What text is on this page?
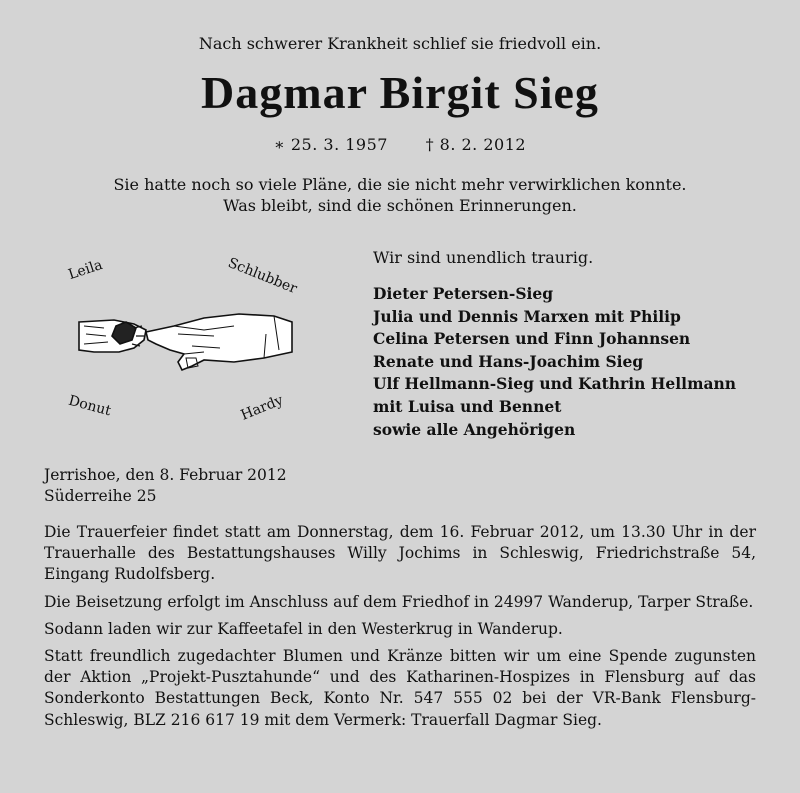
Nach schwerer Krankheit schlief sie friedvoll ein.
Dagmar Birgit Sieg
∗ 25. 3. 1957 † 8. 2. 2012
Sie hatte noch so viele Pläne, die sie nicht mehr verwirklichen konnte.
Was bleibt, sind die schönen Erinnerungen.
Leila	Schlubber
Donut	Hardy
Wir sind unendlich traurig.
Dieter Petersen-Sieg
Julia und Dennis Marxen mit Philip
Celina Petersen und Finn Johannsen
Renate und Hans-Joachim Sieg
Ulf Hellmann-Sieg und Kathrin Hellmann
mit Luisa und Bennet
sowie alle Angehörigen
Jerrishoe, den 8. Februar 2012
Süderreihe 25

Die Trauerfeier findet statt am Donnerstag, dem 16. Februar 2012, um 13.30 Uhr in der Trauerhalle des Bestattungshauses Willy Jochims in Schleswig, Friedrichstraße 54, Eingang Rudolfsberg.

Die Beisetzung erfolgt im Anschluss auf dem Friedhof in 24997 Wanderup, Tarper Straße.

Sodann laden wir zur Kaffeetafel in den Westerkrug in Wanderup.

Statt freundlich zugedachter Blumen und Kränze bitten wir um eine Spende zugunsten der Aktion „Projekt-Pusztahunde“ und des Katharinen-Hospizes in Flensburg auf das Sonderkonto Bestattungen Beck, Konto Nr. 547 555 02 bei der VR-Bank Flensburg-Schleswig, BLZ 216 617 19 mit dem Vermerk: Trauerfall Dagmar Sieg.
